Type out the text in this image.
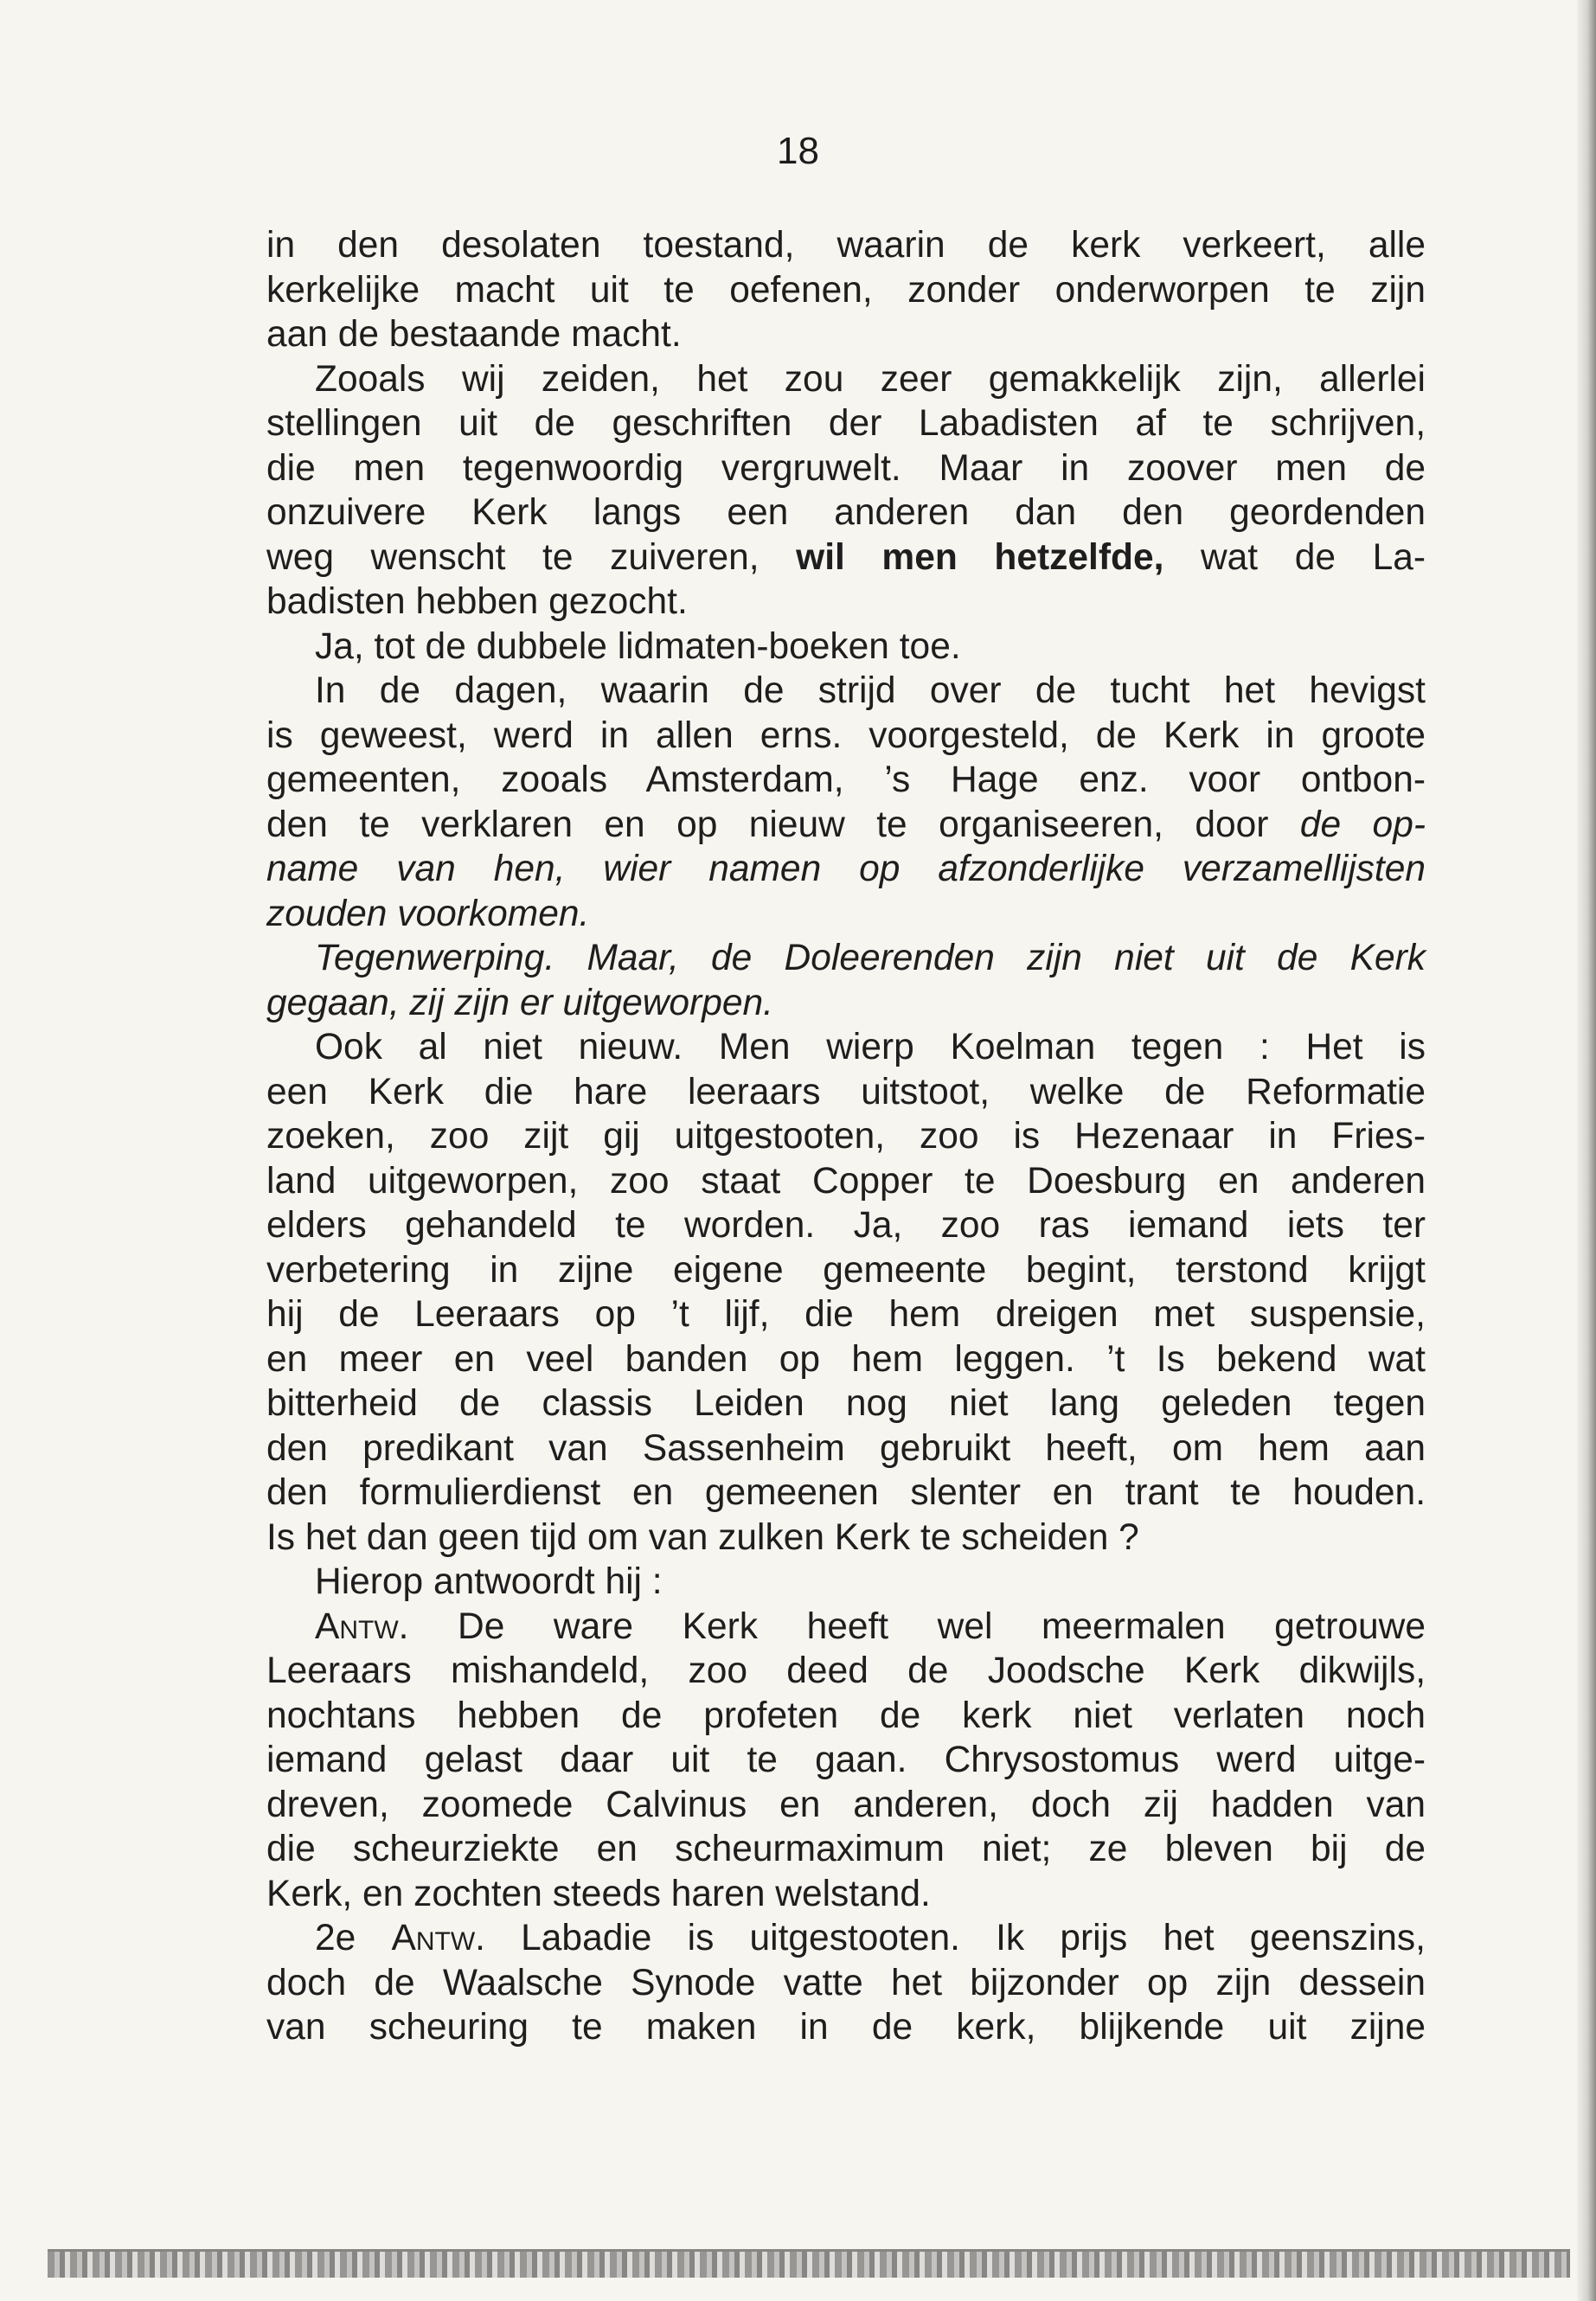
18
in den desolaten toestand, waarin de kerk verkeert, alle
kerkelijke macht uit te oefenen, zonder onderworpen te zijn
aan de bestaande macht.
Zooals wij zeiden, het zou zeer gemakkelijk zijn, allerlei
stellingen uit de geschriften der Labadisten af te schrijven,
die men tegenwoordig vergruwelt. Maar in zoover men de
onzuivere Kerk langs een anderen dan den geordenden
weg wenscht te zuiveren, wil men hetzelfde, wat de La-
badisten hebben gezocht.
Ja, tot de dubbele lidmaten-boeken toe.
In de dagen, waarin de strijd over de tucht het hevigst
is geweest, werd in allen erns. voorgesteld, de Kerk in groote
gemeenten, zooals Amsterdam, ’s Hage enz. voor ontbon-
den te verklaren en op nieuw te organiseeren, door de op-
name van hen, wier namen op afzonderlijke verzamellijsten
zouden voorkomen.
Tegenwerping. Maar, de Doleerenden zijn niet uit de Kerk
gegaan, zij zijn er uitgeworpen.
Ook al niet nieuw. Men wierp Koelman tegen : Het is
een Kerk die hare leeraars uitstoot, welke de Reformatie
zoeken, zoo zijt gij uitgestooten, zoo is Hezenaar in Fries-
land uitgeworpen, zoo staat Copper te Doesburg en anderen
elders gehandeld te worden. Ja, zoo ras iemand iets ter
verbetering in zijne eigene gemeente begint, terstond krijgt
hij de Leeraars op ’t lijf, die hem dreigen met suspensie,
en meer en veel banden op hem leggen. ’t Is bekend wat
bitterheid de classis Leiden nog niet lang geleden tegen
den predikant van Sassenheim gebruikt heeft, om hem aan
den formulierdienst en gemeenen slenter en trant te houden.
Is het dan geen tijd om van zulken Kerk te scheiden ?
Hierop antwoordt hij :
Antw. De ware Kerk heeft wel meermalen getrouwe
Leeraars mishandeld, zoo deed de Joodsche Kerk dikwijls,
nochtans hebben de profeten de kerk niet verlaten noch
iemand gelast daar uit te gaan. Chrysostomus werd uitge-
dreven, zoomede Calvinus en anderen, doch zij hadden van
die scheurziekte en scheurmaximum niet; ze bleven bij de
Kerk, en zochten steeds haren welstand.
2e Antw. Labadie is uitgestooten. Ik prijs het geenszins,
doch de Waalsche Synode vatte het bijzonder op zijn dessein
van scheuring te maken in de kerk, blijkende uit zijne
